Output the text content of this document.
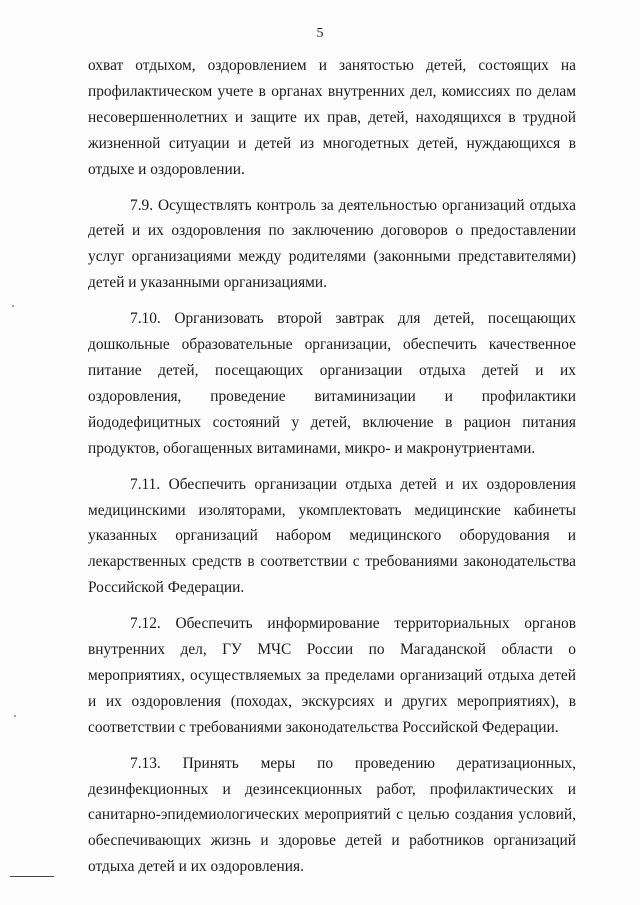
5

охват отдыхом, оздоровлением и занятостью детей, состоящих на профилактическом учете в органах внутренних дел, комиссиях по делам несовершеннолетних и защите их прав, детей, находящихся в трудной жизненной ситуации и детей из многодетных детей, нуждающихся в отдыхе и оздоровлении.

7.9. Осуществлять контроль за деятельностью организаций отдыха детей и их оздоровления по заключению договоров о предоставлении услуг организациями между родителями (законными представителями) детей и указанными организациями.

7.10. Организовать второй завтрак для детей, посещающих дошкольные образовательные организации, обеспечить качественное питание детей, посещающих организации отдыха детей и их оздоровления, проведение витаминизации и профилактики йододефицитных состояний у детей, включение в рацион питания продуктов, обогащенных витаминами, микро- и макронутриентами.

7.11. Обеспечить организации отдыха детей и их оздоровления медицинскими изоляторами, укомплектовать медицинские кабинеты указанных организаций набором медицинского оборудования и лекарственных средств в соответствии с требованиями законодательства Российской Федерации.

7.12. Обеспечить информирование территориальных органов внутренних дел, ГУ МЧС России по Магаданской области о мероприятиях, осуществляемых за пределами организаций отдыха детей и их оздоровления (походах, экскурсиях и других мероприятиях), в соответствии с требованиями законодательства Российской Федерации.

7.13. Принять меры по проведению дератизационных, дезинфекционных и дезинсекционных работ, профилактических и санитарно-эпидемиологических мероприятий с целью создания условий, обеспечивающих жизнь и здоровье детей и работников организаций отдыха детей и их оздоровления.
